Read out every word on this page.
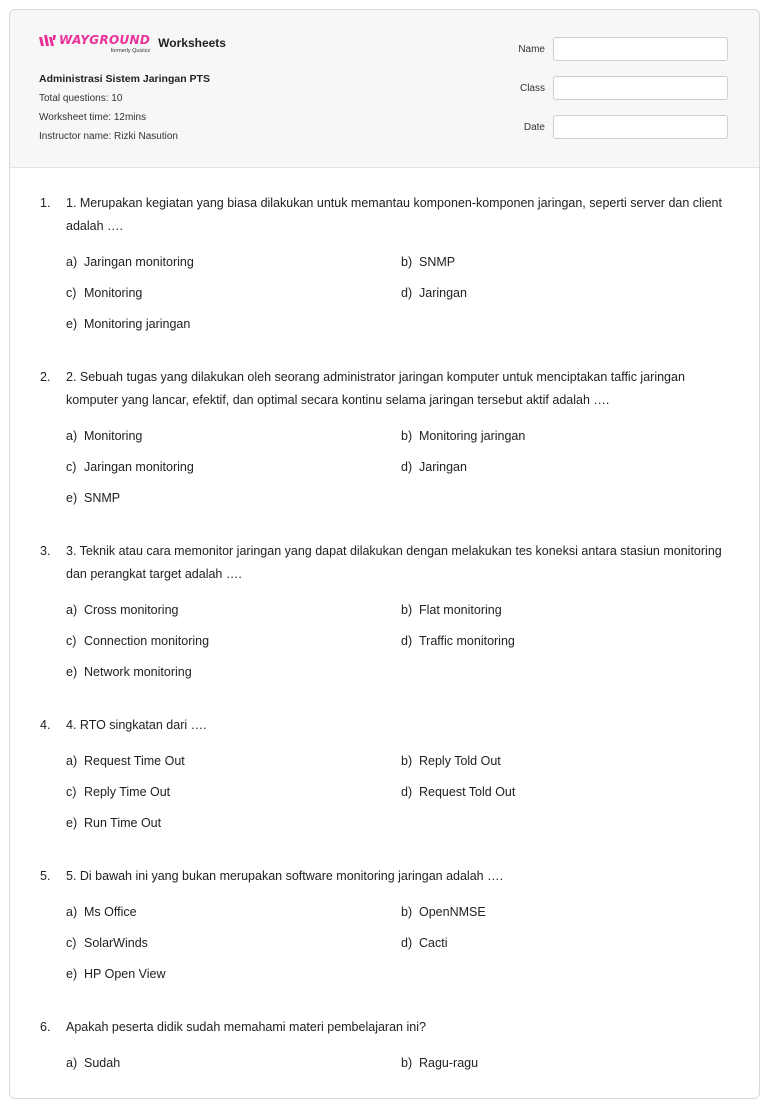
WAYGROUND
formerly Quizizz
Worksheets
Administrasi Sistem Jaringan PTS
Total questions: 10
Worksheet time: 12mins
Instructor name: Rizki Nasution
Name
Class
Date
1. 1. Merupakan kegiatan yang biasa dilakukan untuk memantau komponen-komponen jaringan, seperti server dan client adalah ….
a) Jaringan monitoring	b) SNMP
c) Monitoring	d) Jaringan
e) Monitoring jaringan
2. 2. Sebuah tugas yang dilakukan oleh seorang administrator jaringan komputer untuk menciptakan taffic jaringan komputer yang lancar, efektif, dan optimal secara kontinu selama jaringan tersebut aktif adalah ….
a) Monitoring	b) Monitoring jaringan
c) Jaringan monitoring	d) Jaringan
e) SNMP
3. 3. Teknik atau cara memonitor jaringan yang dapat dilakukan dengan melakukan tes koneksi antara stasiun monitoring dan perangkat target adalah ….
a) Cross monitoring	b) Flat monitoring
c) Connection monitoring	d) Traffic monitoring
e) Network monitoring
4. 4. RTO singkatan dari ….
a) Request Time Out	b) Reply Told Out
c) Reply Time Out	d) Request Told Out
e) Run Time Out
5. 5. Di bawah ini yang bukan merupakan software monitoring jaringan adalah ….
a) Ms Office	b) OpenNMSE
c) SolarWinds	d) Cacti
e) HP Open View
6. Apakah peserta didik sudah memahami materi pembelajaran ini?
a) Sudah	b) Ragu-ragu
